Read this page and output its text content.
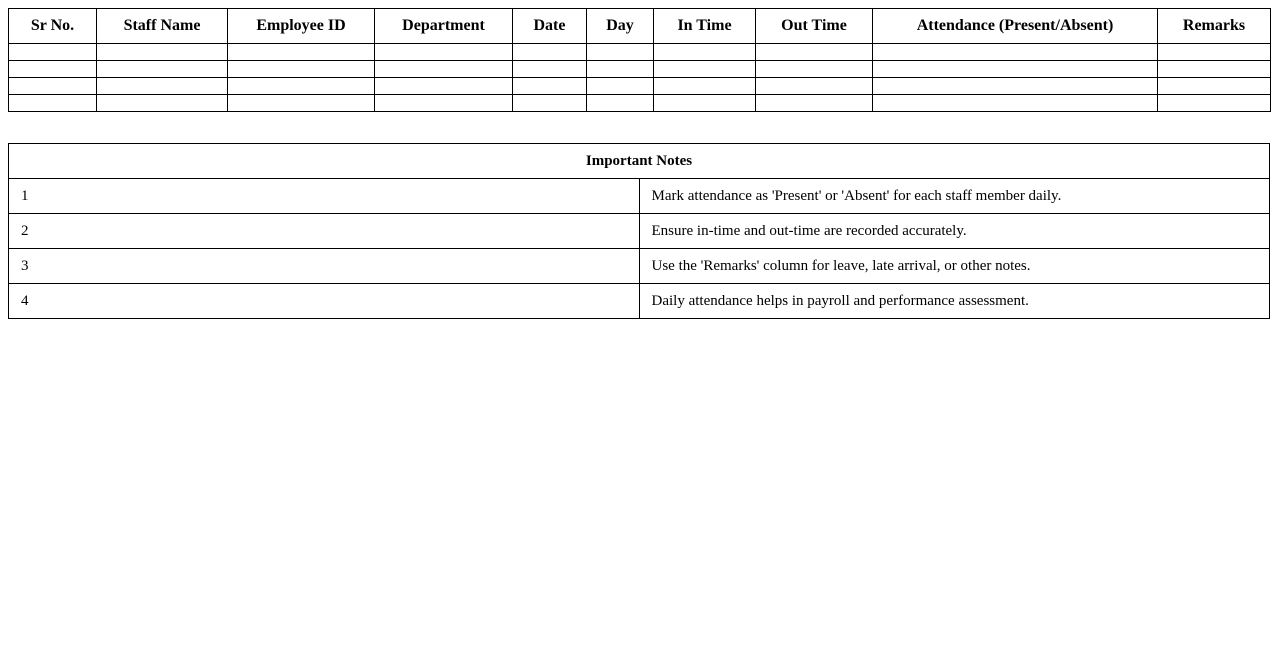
Sr No.	Staff Name	Employee ID	Department	Date	Day	In Time	Out Time	Attendance (Present/Absent)	Remarks

Important Notes	
1	Mark attendance as 'Present' or 'Absent' for each staff member daily.
2	Ensure in-time and out-time are recorded accurately.
3	Use the 'Remarks' column for leave, late arrival, or other notes.
4	Daily attendance helps in payroll and performance assessment.
